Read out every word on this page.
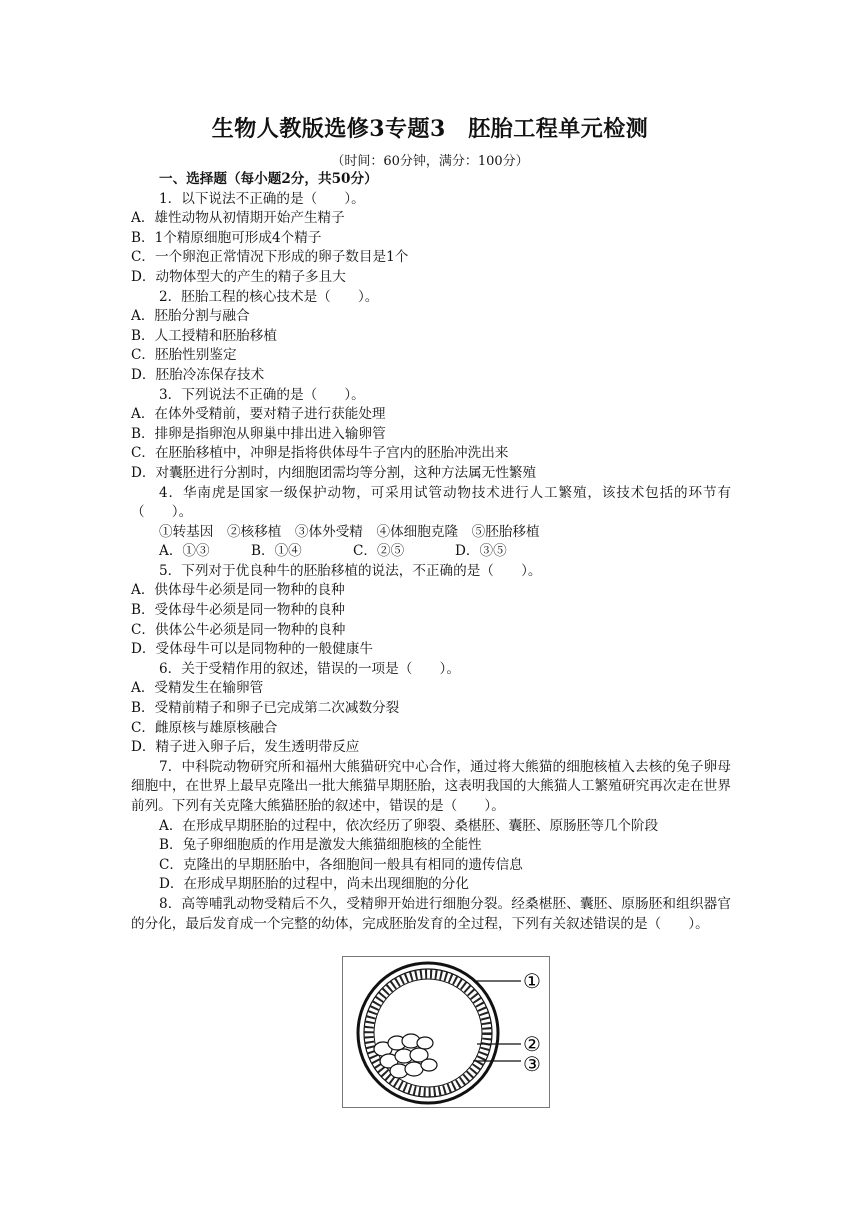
生物人教版选修3专题3　胚胎工程单元检测
（时间：60分钟，满分：100分）
一、选择题（每小题2分，共50分）
1．以下说法不正确的是（　　）。
A．雄性动物从初情期开始产生精子
B．1个精原细胞可形成4个精子
C．一个卵泡正常情况下形成的卵子数目是1个
D．动物体型大的产生的精子多且大
2．胚胎工程的核心技术是（　　）。
A．胚胎分割与融合
B．人工授精和胚胎移植
C．胚胎性别鉴定
D．胚胎冷冻保存技术
3．下列说法不正确的是（　　）。
A．在体外受精前，要对精子进行获能处理
B．排卵是指卵泡从卵巢中排出进入输卵管
C．在胚胎移植中，冲卵是指将供体母牛子宫内的胚胎冲洗出来
D．对囊胚进行分割时，内细胞团需均等分割，这种方法属无性繁殖
4．华南虎是国家一级保护动物，可采用试管动物技术进行人工繁殖，该技术包括的环节有（　　）。
①转基因　②核移植　③体外受精　④体细胞克隆　⑤胚胎移植
A．①③	B．①④	C．②⑤	D．③⑤
5．下列对于优良种牛的胚胎移植的说法，不正确的是（　　）。
A．供体母牛必须是同一物种的良种
B．受体母牛必须是同一物种的良种
C．供体公牛必须是同一物种的良种
D．受体母牛可以是同物种的一般健康牛
6．关于受精作用的叙述，错误的一项是（　　）。
A．受精发生在输卵管
B．受精前精子和卵子已完成第二次减数分裂
C．雌原核与雄原核融合
D．精子进入卵子后，发生透明带反应
7．中科院动物研究所和福州大熊猫研究中心合作，通过将大熊猫的细胞核植入去核的兔子卵母细胞中，在世界上最早克隆出一批大熊猫早期胚胎，这表明我国的大熊猫人工繁殖研究再次走在世界前列。下列有关克隆大熊猫胚胎的叙述中，错误的是（　　）。
A．在形成早期胚胎的过程中，依次经历了卵裂、桑椹胚、囊胚、原肠胚等几个阶段
B．兔子卵细胞质的作用是激发大熊猫细胞核的全能性
C．克隆出的早期胚胎中，各细胞间一般具有相同的遗传信息
D．在形成早期胚胎的过程中，尚未出现细胞的分化
8．高等哺乳动物受精后不久，受精卵开始进行细胞分裂。经桑椹胚、囊胚、原肠胚和组织器官的分化，最后发育成一个完整的幼体，完成胚胎发育的全过程，下列有关叙述错误的是（　　）。
①
②
③
